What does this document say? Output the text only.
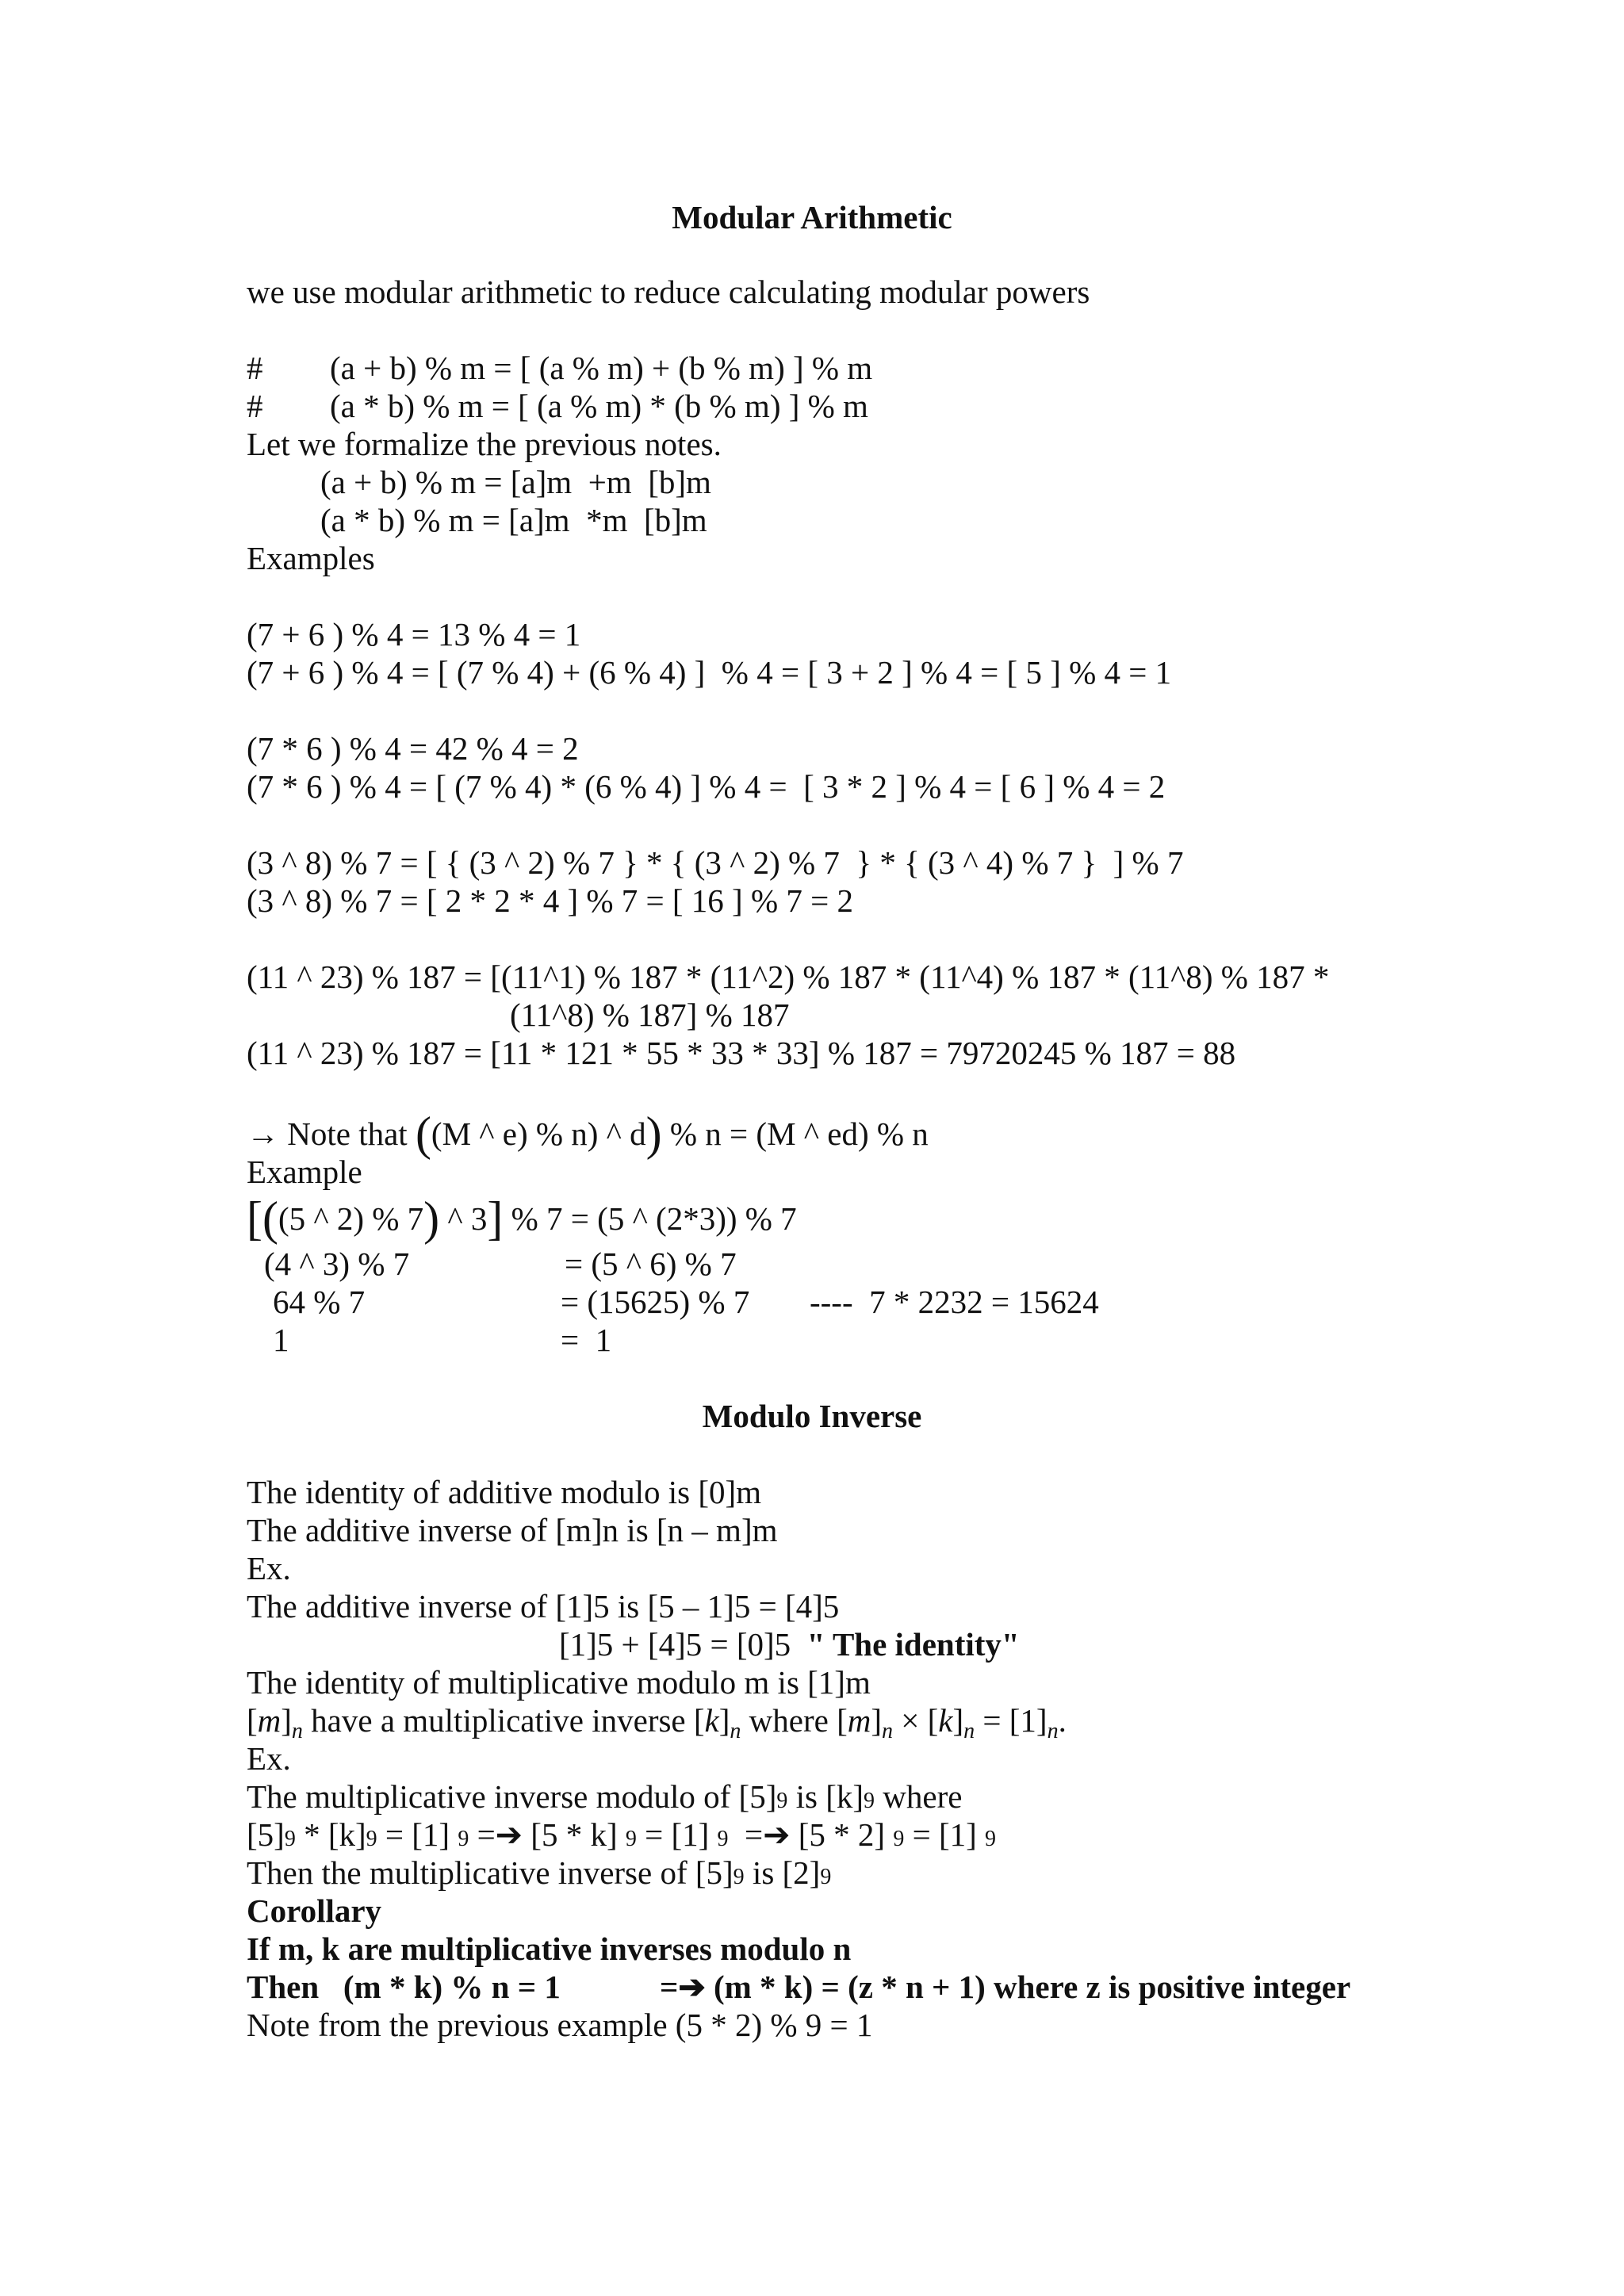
Modular Arithmetic
we use modular arithmetic to reduce calculating modular powers
# (a + b) % m = [ (a % m) + (b % m) ] % m
# (a * b) % m = [ (a % m) * (b % m) ] % m
Let we formalize the previous notes.
(a + b) % m = [a]m  +m  [b]m
(a * b) % m = [a]m  *m  [b]m
Examples
(7 + 6 ) % 4 = 13 % 4 = 1
(7 + 6 ) % 4 = [ (7 % 4) + (6 % 4) ]  % 4 = [ 3 + 2 ] % 4 = [ 5 ] % 4 = 1
(7 * 6 ) % 4 = 42 % 4 = 2
(7 * 6 ) % 4 = [ (7 % 4) * (6 % 4) ] % 4 =  [ 3 * 2 ] % 4 = [ 6 ] % 4 = 2
(3 ^ 8) % 7 = [ { (3 ^ 2) % 7 } * { (3 ^ 2) % 7  } * { (3 ^ 4) % 7 }  ] % 7
(3 ^ 8) % 7 = [ 2 * 2 * 4 ] % 7 = [ 16 ] % 7 = 2
(11 ^ 23) % 187 = [(11^1) % 187 * (11^2) % 187 * (11^4) % 187 * (11^8) % 187 *
(11^8) % 187] % 187
(11 ^ 23) % 187 = [11 * 121 * 55 * 33 * 33] % 187 = 79720245 % 187 = 88
→ Note that ((M ^ e) % n) ^ d) % n = (M ^ ed) % n
Example
[((5 ^ 2) % 7) ^ 3] % 7 = (5 ^ (2*3)) % 7
(4 ^ 3) % 7	= (5 ^ 6) % 7
64 % 7	= (15625) % 7 ----  7 * 2232 = 15624
1	=  1
Modulo Inverse
The identity of additive modulo is [0]m
The additive inverse of [m]n is [n – m]m
Ex.
The additive inverse of [1]5 is [5 – 1]5 = [4]5
[1]5 + [4]5 = [0]5  " The identity"
The identity of multiplicative modulo m is [1]m
[m]n have a multiplicative inverse [k]n where [m]n × [k]n = [1]n.
Ex.
The multiplicative inverse modulo of [5]9 is [k]9 where
[5]9 * [k]9 = [1] 9 =➔ [5 * k] 9 = [1] 9  =➔ [5 * 2] 9 = [1] 9
Then the multiplicative inverse of [5]9 is [2]9
Corollary
If m, k are multiplicative inverses modulo n
Then   (m * k) % n = 1	=➔ (m * k) = (z * n + 1) where z is positive integer
Note from the previous example (5 * 2) % 9 = 1
